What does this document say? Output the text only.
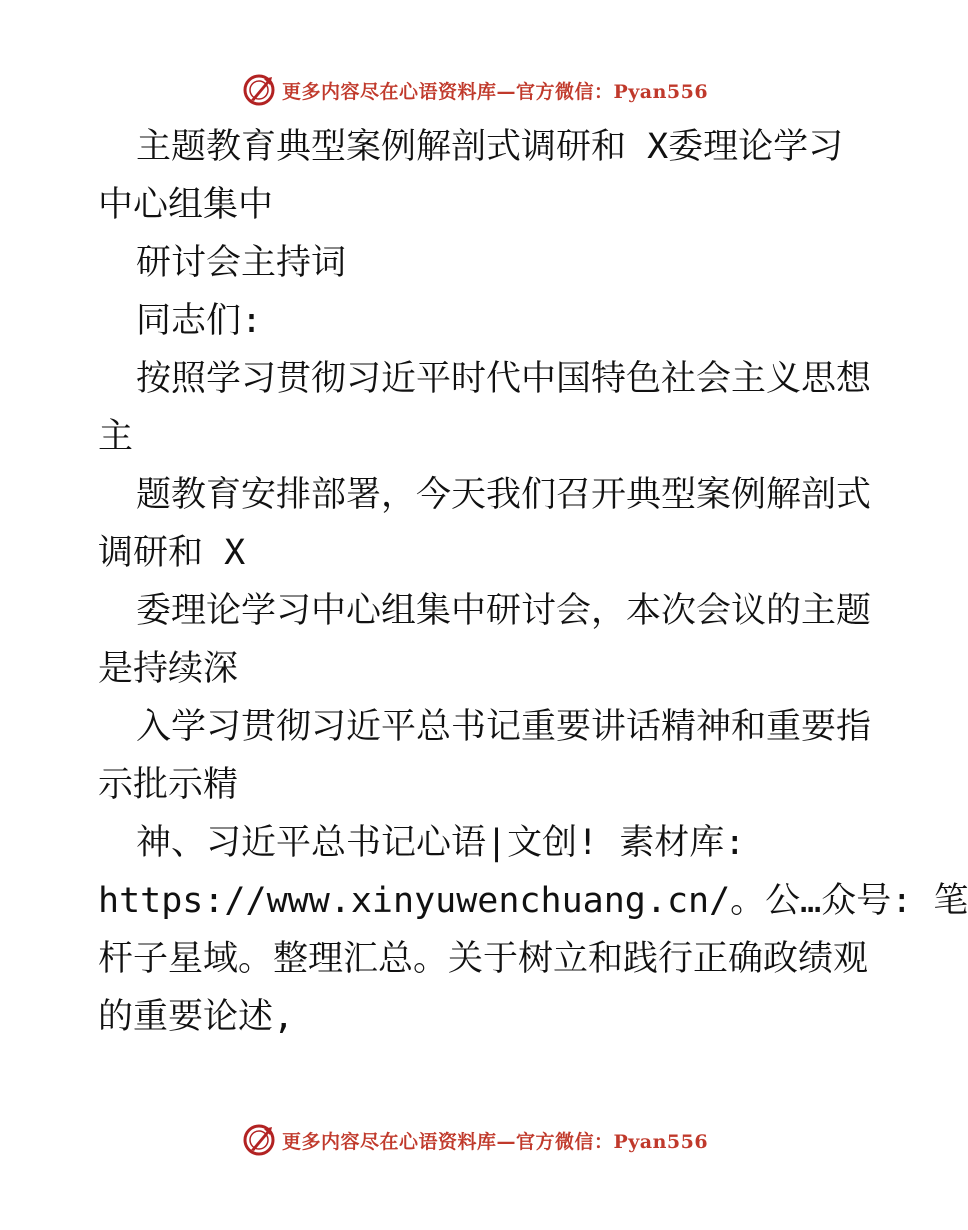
更多内容尽在心语资料库—官方微信：Pyan556
主题教育典型案例解剖式调研和 X委理论学习
中心组集中
研讨会主持词
同志们:
按照学习贯彻习近平时代中国特色社会主义思想
主
题教育安排部署，今天我们召开典型案例解剖式
调研和 X
委理论学习中心组集中研讨会，本次会议的主题
是持续深
入学习贯彻习近平总书记重要讲话精神和重要指
示批示精
神、习近平总书记心语|文创! 素材库:
https://www.xinyuwenchuang.cn/。公…众号: 笔
杆子星域。整理汇总。关于树立和践行正确政绩观
的重要论述,
更多内容尽在心语资料库—官方微信：Pyan556
